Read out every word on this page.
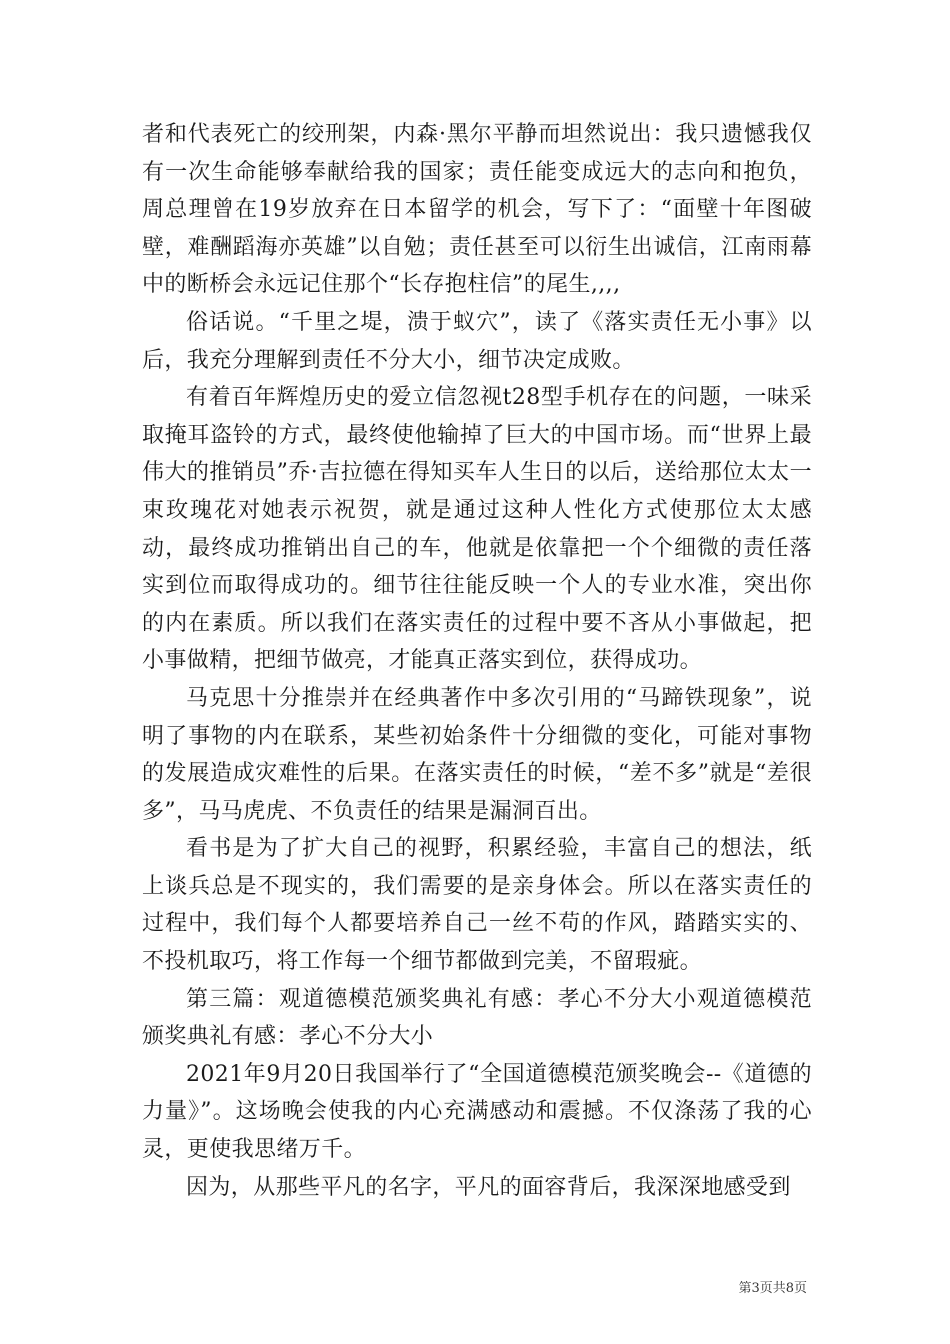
者和代表死亡的绞刑架，内森·黑尔平静而坦然说出：我只遗憾我仅有一次生命能够奉献给我的国家；责任能变成远大的志向和抱负，周总理曾在19岁放弃在日本留学的机会，写下了：“面壁十年图破壁，难酬蹈海亦英雄”以自勉；责任甚至可以衍生出诚信，江南雨幕中的断桥会永远记住那个“长存抱柱信”的尾生,,,,

俗话说。“千里之堤，溃于蚁穴”，读了《落实责任无小事》以后，我充分理解到责任不分大小，细节决定成败。

有着百年辉煌历史的爱立信忽视t28型手机存在的问题，一味采取掩耳盗铃的方式，最终使他输掉了巨大的中国市场。而“世界上最伟大的推销员”乔·吉拉德在得知买车人生日的以后，送给那位太太一束玫瑰花对她表示祝贺，就是通过这种人性化方式使那位太太感动，最终成功推销出自己的车，他就是依靠把一个个细微的责任落实到位而取得成功的。细节往往能反映一个人的专业水准，突出你的内在素质。所以我们在落实责任的过程中要不吝从小事做起，把小事做精，把细节做亮，才能真正落实到位，获得成功。

马克思十分推崇并在经典著作中多次引用的“马蹄铁现象”，说明了事物的内在联系，某些初始条件十分细微的变化，可能对事物的发展造成灾难性的后果。在落实责任的时候，“差不多”就是“差很多”，马马虎虎、不负责任的结果是漏洞百出。

看书是为了扩大自己的视野，积累经验，丰富自己的想法，纸上谈兵总是不现实的，我们需要的是亲身体会。所以在落实责任的过程中，我们每个人都要培养自己一丝不苟的作风，踏踏实实的、不投机取巧，将工作每一个细节都做到完美，不留瑕疵。

第三篇：观道德模范颁奖典礼有感：孝心不分大小观道德模范颁奖典礼有感：孝心不分大小

2021年9月20日我国举行了“全国道德模范颁奖晚会--《道德的力量》”。这场晚会使我的内心充满感动和震撼。不仅涤荡了我的心灵，更使我思绪万千。

因为，从那些平凡的名字，平凡的面容背后，我深深地感受到

第3页共8页
